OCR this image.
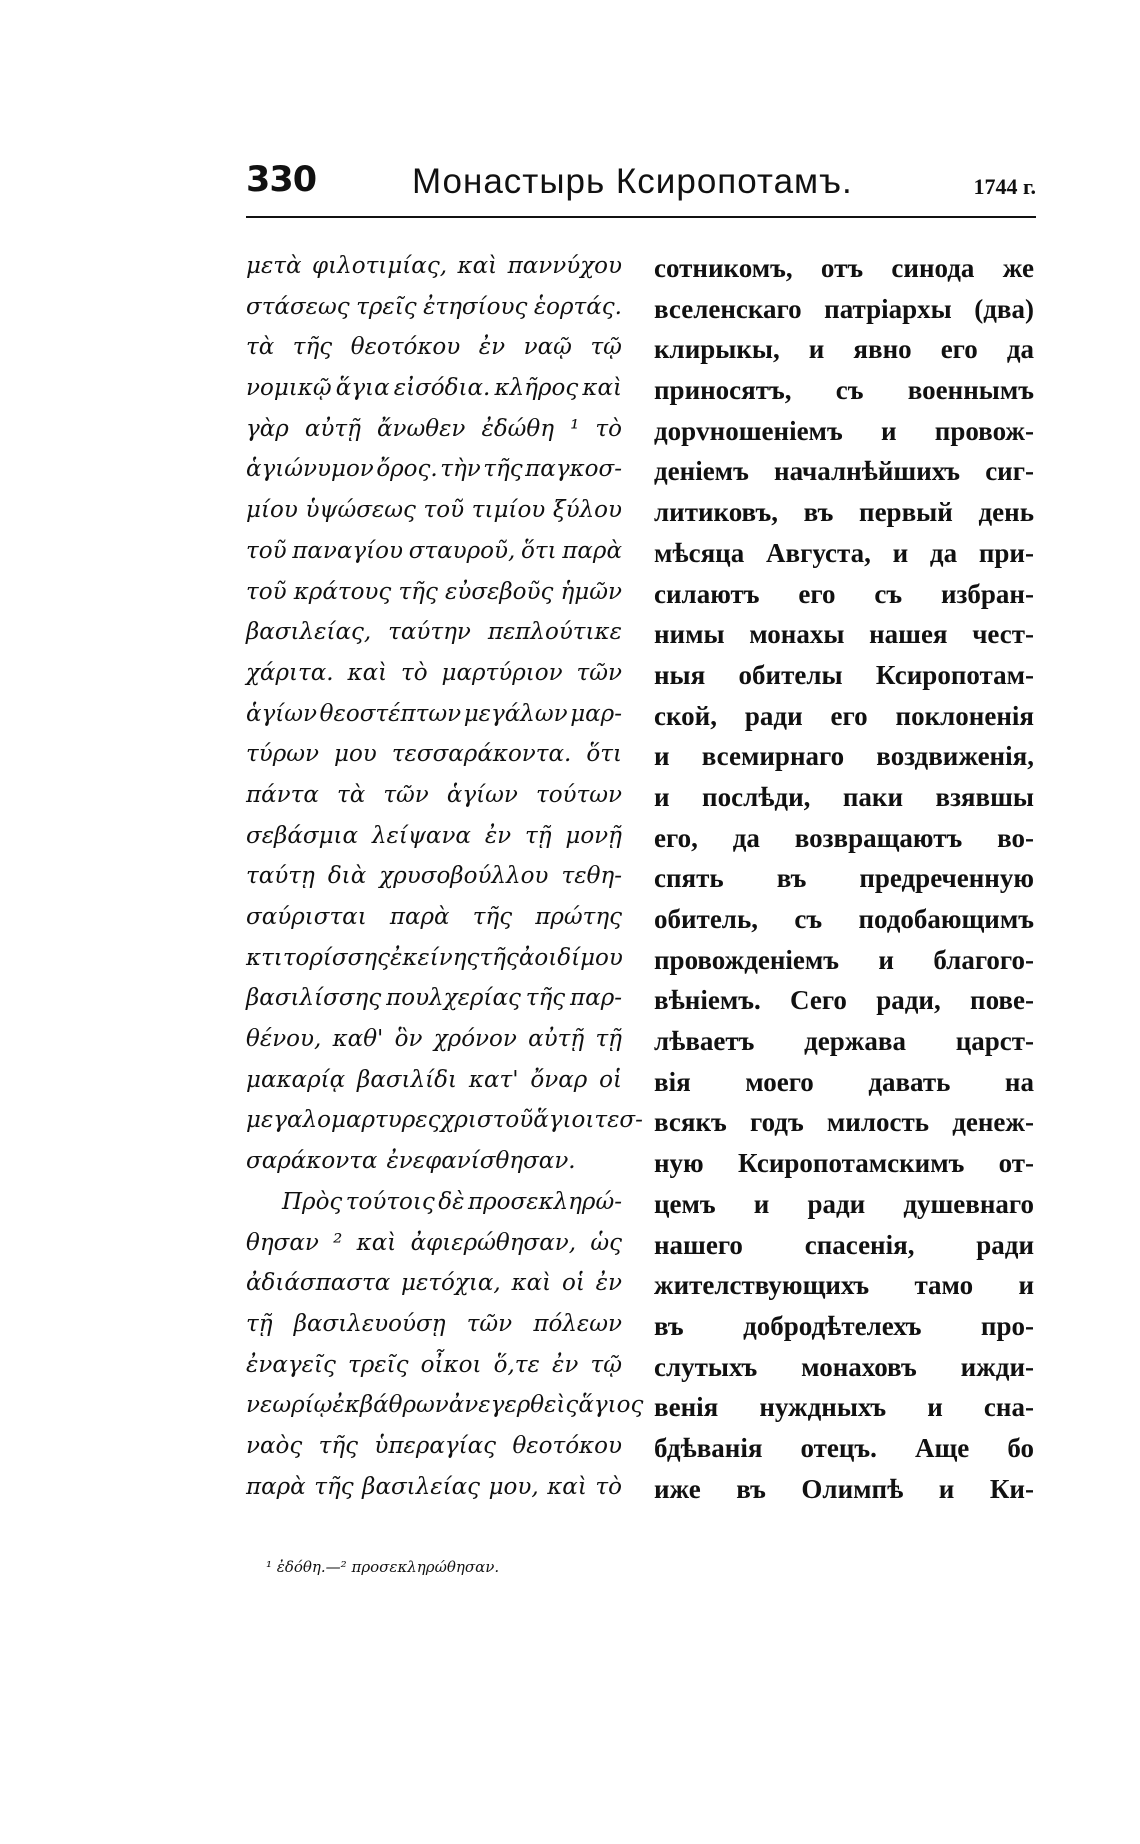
330	Монастырь Ксиропотамъ.	1744 г.
μετὰ φιλοτιμίας, καὶ παννύχου
στάσεως τρεῖς ἐτησίους ἑορτάς.
τὰ τῆς θεοτόκου ἐν ναῷ τῷ
νομικῷ ἅγια εἰσόδια. κλῆρος καὶ
γὰρ αὐτῇ ἄνωθεν ἐδώθη ¹ τὸ
ἁγιώνυμον ὄρος. τὴν τῆς παγκοσ-
μίου ὑψώσεως τοῦ τιμίου ξύλου
τοῦ παναγίου σταυροῦ, ὅτι παρὰ
τοῦ κράτους τῆς εὐσεβοῦς ἡμῶν
βασιλείας, ταύτην πεπλούτικε
χάριτα. καὶ τὸ μαρτύριον τῶν
ἁγίων θεοστέπτων μεγάλων μαρ-
τύρων μου τεσσαράκοντα. ὅτι
πάντα τὰ τῶν ἁγίων τούτων
σεβάσμια λείψανα ἐν τῇ μονῇ
ταύτῃ διὰ χρυσοβούλλου τεθη-
σαύρισται παρὰ τῆς πρώτης
κτιτορίσσης ἐκείνης τῆς ἀοιδίμου
βασιλίσσης πουλχερίας τῆς παρ-
θένου, καθ' ὃν χρόνον αὐτῇ τῇ
μακαρίᾳ βασιλίδι κατ' ὄναρ οἱ
μεγαλομαρτυρες χριστοῦ ἅγιοι τεσ-
σαράκοντα ἐνεφανίσθησαν.
Πρὸς τούτοις δὲ προσεκληρώ-
θησαν ² καὶ ἀφιερώθησαν, ὡς
ἀδιάσπαστα μετόχια, καὶ οἱ ἐν
τῇ βασιλευούσῃ τῶν πόλεων
ἐναγεῖς τρεῖς οἶκοι ὅ,τε ἐν τῷ
νεωρίῳ ἐκ βάθρων ἀνεγερθεὶς ἅγιος
ναὸς τῆς ὑπεραγίας θεοτόκου
παρὰ τῆς βασιλείας μου, καὶ τὸ
сотникомъ, отъ синода же
вселенскаго патріархы (два)
клирыкы, и явно его да
приносятъ, съ военнымъ
дорvношеніемъ и провож-
деніемъ началнѣйшихъ сиг-
литиковъ, въ первый день
мѣсяца Августа, и да при-
силаютъ его съ избран-
нимы монахы нашея чест-
ныя обителы Ксиропотам-
ской, ради его поклоненія
и всемирнаго воздвиженія,
и послѣди, паки взявшы
его, да возвращаютъ во-
спять въ предреченную
обитель, съ подобающимъ
провожденіемъ и благого-
вѣніемъ. Сего ради, пове-
лѣваетъ держава царст-
вія моего давать на
всякъ годъ милость денеж-
ную Ксиропотамскимъ от-
цемъ и ради душевнаго
нашего спасенія, ради
жителствующихъ тамо и
въ добродѣтелехъ про-
слутыхъ монаховъ ижди-
венія нуждныхъ и сна-
бдѣванія отецъ. Аще бо
иже въ Олимпѣ и Ки-
¹ ἐδόθη.—² προσεκληρώθησαν.
